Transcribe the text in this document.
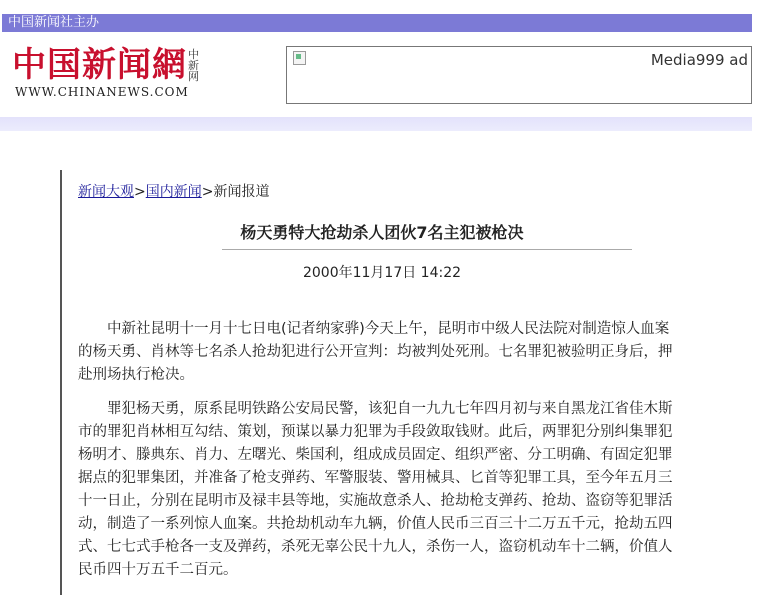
中国新闻社主办
中国新闻網 中新网
WWW.CHINANEWS.COM
Media999 ad
新闻大观>国内新闻>新闻报道
杨天勇特大抢劫杀人团伙7名主犯被枪决
2000年11月17日 14:22

中新社昆明十一月十七日电(记者纳家骅)今天上午，昆明市中级人民法院对制造惊人血案的杨天勇、肖林等七名杀人抢劫犯进行公开宣判：均被判处死刑。七名罪犯被验明正身后，押赴刑场执行枪决。

罪犯杨天勇，原系昆明铁路公安局民警，该犯自一九九七年四月初与来自黑龙江省佳木斯市的罪犯肖林相互勾结、策划，预谋以暴力犯罪为手段敛取钱财。此后，两罪犯分别纠集罪犯杨明才、滕典东、肖力、左曙光、柴国利，组成成员固定、组织严密、分工明确、有固定犯罪据点的犯罪集团，并准备了枪支弹药、军警服装、警用械具、匕首等犯罪工具，至今年五月三十一日止，分别在昆明市及禄丰县等地，实施故意杀人、抢劫枪支弹药、抢劫、盗窃等犯罪活动，制造了一系列惊人血案。共抢劫机动车九辆，价值人民币三百三十二万五千元，抢劫五四式、七七式手枪各一支及弹药，杀死无辜公民十九人，杀伤一人，盗窃机动车十二辆，价值人民币四十万五千二百元。
